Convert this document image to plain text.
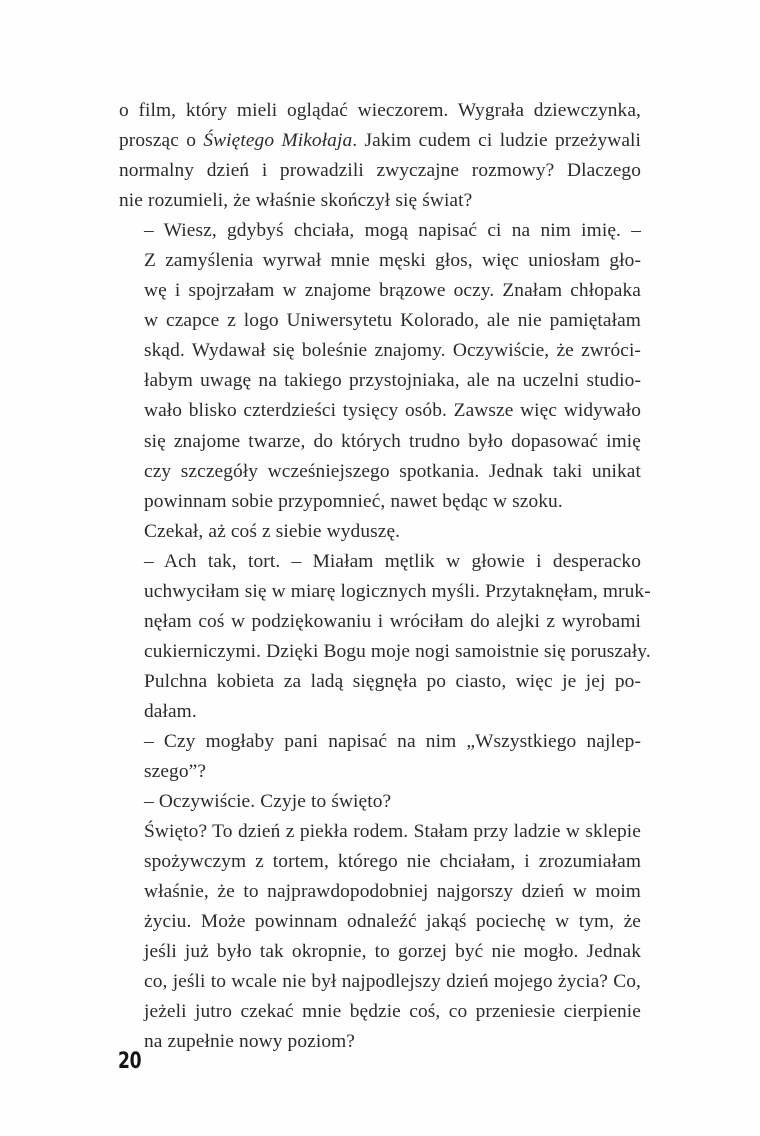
o film, który mieli oglądać wieczorem. Wygrała dziewczynka,
prosząc o Świętego Mikołaja. Jakim cudem ci ludzie przeżywali
normalny dzień i prowadzili zwyczajne rozmowy? Dlaczego
nie rozumieli, że właśnie skończył się świat?

– Wiesz, gdybyś chciała, mogą napisać ci na nim imię. –
Z zamyślenia wyrwał mnie męski głos, więc uniosłam gło-
wę i spojrzałam w znajome brązowe oczy. Znałam chłopaka
w czapce z logo Uniwersytetu Kolorado, ale nie pamiętałam
skąd. Wydawał się boleśnie znajomy. Oczywiście, że zwróci-
łabym uwagę na takiego przystojniaka, ale na uczelni studio-
wało blisko czterdzieści tysięcy osób. Zawsze więc widywało
się znajome twarze, do których trudno było dopasować imię
czy szczegóły wcześniejszego spotkania. Jednak taki unikat
powinnam sobie przypomnieć, nawet będąc w szoku.

Czekał, aż coś z siebie wyduszę.

– Ach tak, tort. – Miałam mętlik w głowie i desperacko
uchwyciłam się w miarę logicznych myśli. Przytaknęłam, mruk-
nęłam coś w podziękowaniu i wróciłam do alejki z wyrobami
cukierniczymi. Dzięki Bogu moje nogi samoistnie się poruszały.

Pulchna kobieta za ladą sięgnęła po ciasto, więc je jej po-
dałam.

– Czy mogłaby pani napisać na nim „Wszystkiego najlep-
szego”?

– Oczywiście. Czyje to święto?

Święto? To dzień z piekła rodem. Stałam przy ladzie w sklepie
spożywczym z tortem, którego nie chciałam, i zrozumiałam
właśnie, że to najprawdopodobniej najgorszy dzień w moim
życiu. Może powinnam odnaleźć jakąś pociechę w tym, że
jeśli już było tak okropnie, to gorzej być nie mogło. Jednak
co, jeśli to wcale nie był najpodlejszy dzień mojego życia? Co,
jeżeli jutro czekać mnie będzie coś, co przeniesie cierpienie
na zupełnie nowy poziom?

20
